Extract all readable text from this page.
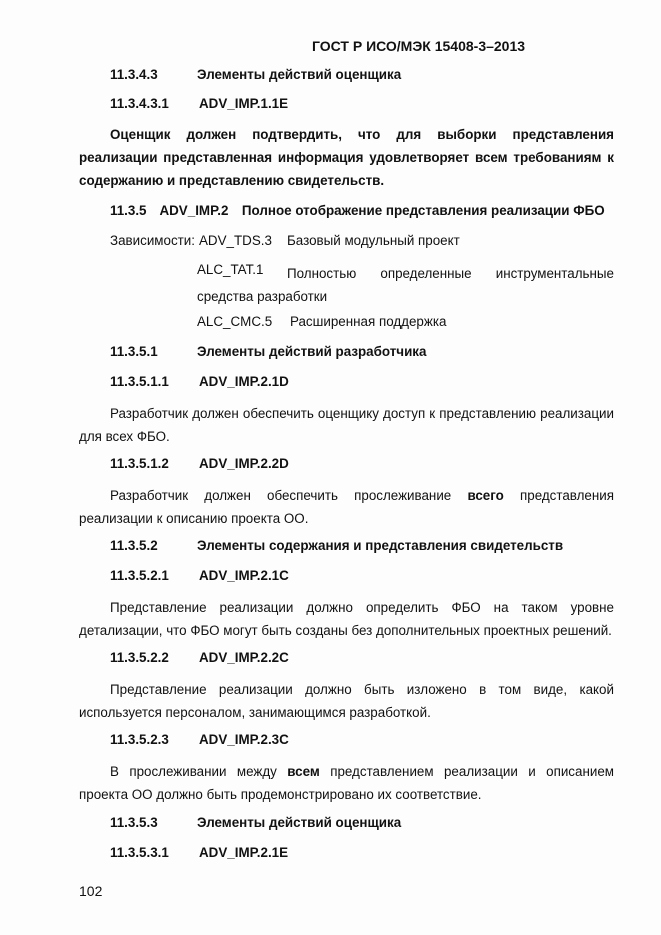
ГОСТ Р ИСО/МЭК 15408-3–2013
11.3.4.3	Элементы действий оценщика
11.3.4.3.1 ADV_IMP.1.1E
Оценщик должен подтвердить, что для выборки представления реализации представленная информация удовлетворяет всем требованиям к содержанию и представлению свидетельств.
11.3.5 ADV_IMP.2 Полное отображение представления реализации ФБО
Зависимости: ADV_TDS.3 Базовый модульный проект
ALC_TAT.1	Полностью определенные инструментальные средства разработки
ALC_CMC.5 Расширенная поддержка
11.3.5.1	Элементы действий разработчика
11.3.5.1.1 ADV_IMP.2.1D
Разработчик должен обеспечить оценщику доступ к представлению реализации для всех ФБО.
11.3.5.1.2 ADV_IMP.2.2D
Разработчик должен обеспечить прослеживание всего представления реализации к описанию проекта ОО.
11.3.5.2	Элементы содержания и представления свидетельств
11.3.5.2.1 ADV_IMP.2.1C
Представление реализации должно определить ФБО на таком уровне детализации, что ФБО могут быть созданы без дополнительных проектных решений.
11.3.5.2.2 ADV_IMP.2.2C
Представление реализации должно быть изложено в том виде, какой используется персоналом, занимающимся разработкой.
11.3.5.2.3 ADV_IMP.2.3C
В прослеживании между всем представлением реализации и описанием проекта ОО должно быть продемонстрировано их соответствие.
11.3.5.3	Элементы действий оценщика
11.3.5.3.1 ADV_IMP.2.1E
102
